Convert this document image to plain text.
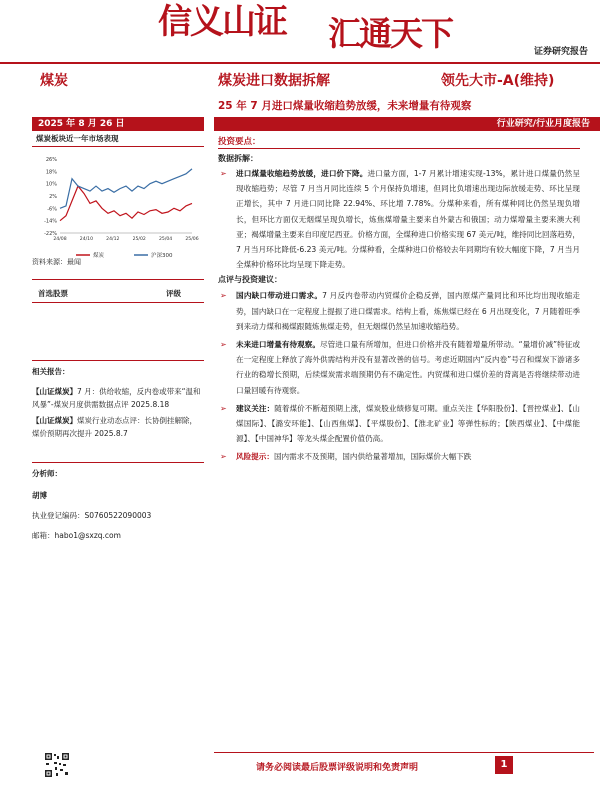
信义山证 汇通天下	证券研究报告
煤炭	煤炭进口数据拆解	领先大市-A(维持)
25 年 7 月进口煤量收缩趋势放缓，未来增量有待观察
2025 年 8 月 26 日	行业研究/行业月度报告
煤炭板块近一年市场表现
26%
18%
10%
2%
-6%
-14%
-22%
24/08	24/10	24/12	25/02	25/04	25/06
煤炭	沪深300
资料来源：最闻
首选股票	评级
相关报告：
【山证煤炭】7 月：供给收缩，反内卷或带来“温和风暴”-煤炭月度供需数据点评 2025.8.18
【山证煤炭】煤炭行业动态点评：长协倒挂解除，煤价预期再次提升 2025.8.7
分析师：
胡博
执业登记编码：S0760522090003
邮箱：habo1@sxzq.com
投资要点：
数据拆解：
➢ 进口煤量收缩趋势放缓，进口价下降。进口量方面，1-7 月累计增速实现-13%，累计进口煤量仍然呈现收缩趋势；尽管 7 月当月同比连续 5 个月保持负增速，但同比负增速出现边际放缓走势、环比呈现正增长，其中 7 月进口同比降 22.94%、环比增 7.78%。分煤种来看，所有煤种同比仍然呈现负增长，但环比方面仅无烟煤呈现负增长，炼焦煤增量主要来自外蒙古和俄国；动力煤增量主要来澳大利亚；褐煤增量主要来自印度尼西亚。价格方面，全煤种进口价格实现 67 美元/吨，维持同比回落趋势，7 月当月环比降低-6.23 美元/吨。分煤种看，全煤种进口价格较去年同期均有较大幅度下降，7 月当月全煤种价格环比均呈现下降走势。
点评与投资建议：
➢ 国内缺口带动进口需求。7 月反内卷带动内贸煤价企稳反弹，国内原煤产量同比和环比均出现收缩走势，国内缺口在一定程度上提振了进口煤需求。结构上看，炼焦煤已经在 6 月出现变化，7 月随着旺季到来动力煤和褐煤跟随炼焦煤走势，但无烟煤仍然呈加速收缩趋势。
➢ 未来进口增量有待观察。尽管进口量有所增加，但进口价格并没有随着增量所带动。“量增价减”特征或在一定程度上释放了海外供需结构并没有显著改善的信号。考虑近期国内“反内卷”号召和煤炭下游诸多行业的稳增长预期，后续煤炭需求端预期仍有不确定性。内贸煤和进口煤价差的背离是否将继续带动进口量回暖有待观察。
➢ 建议关注：随着煤价不断超预期上涨，煤炭股业绩修复可期。重点关注【华阳股份】、【晋控煤业】、【山煤国际】、【潞安环能】、【山西焦煤】、【平煤股份】、【淮北矿业】等弹性标的；【陕西煤业】、【中煤能源】、【中国神华】等龙头煤企配置价值仍高。
➢ 风险提示：国内需求不及预期，国内供给量著增加，国际煤价大幅下跌
请务必阅读最后股票评级说明和免责声明	1
